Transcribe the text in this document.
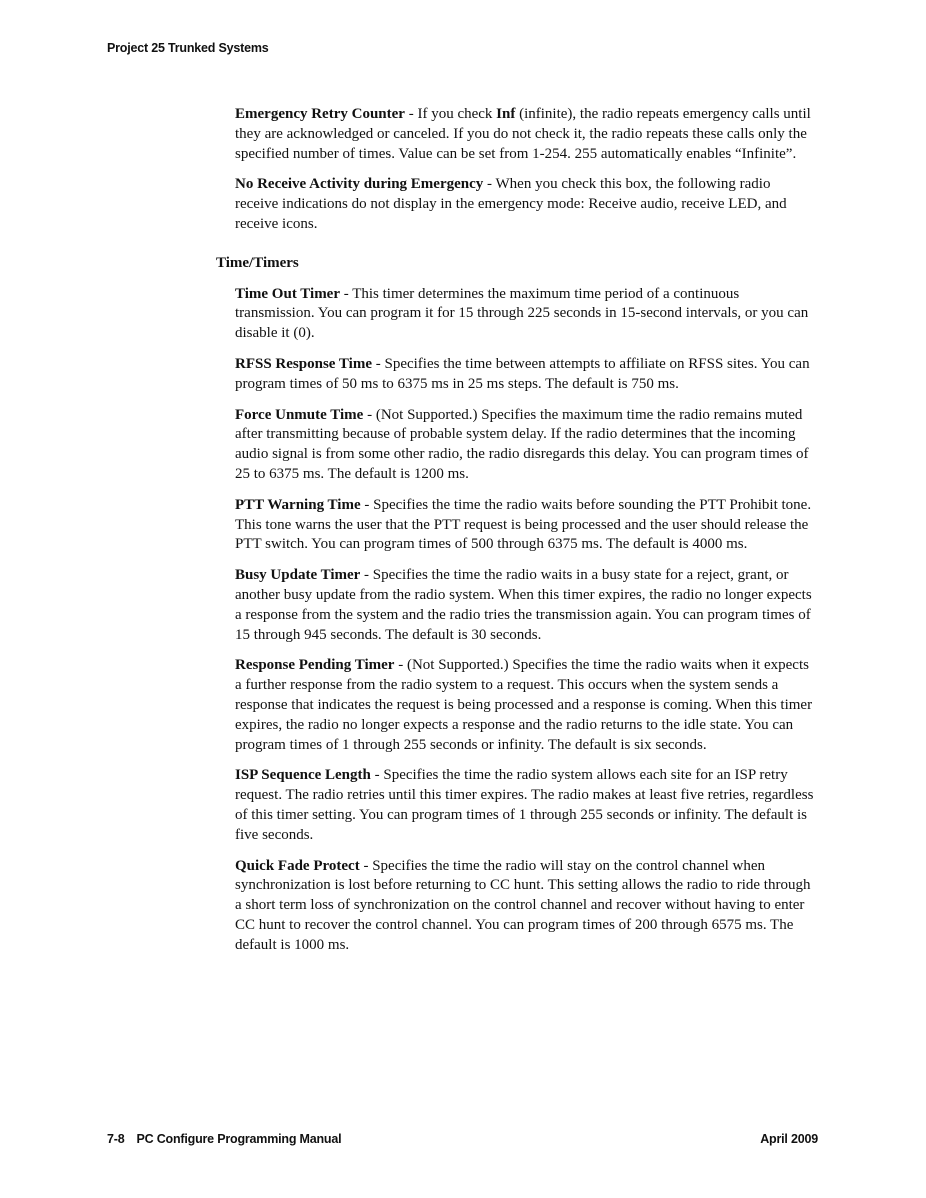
Project 25 Trunked Systems

Emergency Retry Counter - If you check Inf (infinite), the radio repeats emergency calls until they are acknowledged or canceled. If you do not check it, the radio repeats these calls only the specified number of times. Value can be set from 1-254. 255 automatically enables “Infinite”.

No Receive Activity during Emergency - When you check this box, the following radio receive indications do not display in the emergency mode: Receive audio, receive LED, and receive icons.

Time/Timers

Time Out Timer - This timer determines the maximum time period of a continuous transmission. You can program it for 15 through 225 seconds in 15-second intervals, or you can disable it (0).

RFSS Response Time - Specifies the time between attempts to affiliate on RFSS sites. You can program times of 50 ms to 6375 ms in 25 ms steps. The default is 750 ms.

Force Unmute Time - (Not Supported.) Specifies the maximum time the radio remains muted after transmitting because of probable system delay. If the radio determines that the incoming audio signal is from some other radio, the radio disregards this delay. You can program times of 25 to 6375 ms. The default is 1200 ms.

PTT Warning Time - Specifies the time the radio waits before sounding the PTT Prohibit tone. This tone warns the user that the PTT request is being processed and the user should release the PTT switch. You can program times of 500 through 6375 ms. The default is 4000 ms.

Busy Update Timer - Specifies the time the radio waits in a busy state for a reject, grant, or another busy update from the radio system. When this timer expires, the radio no longer expects a response from the system and the radio tries the transmission again. You can program times of 15 through 945 seconds. The default is 30 seconds.

Response Pending Timer - (Not Supported.) Specifies the time the radio waits when it expects a further response from the radio system to a request. This occurs when the system sends a response that indicates the request is being processed and a response is coming. When this timer expires, the radio no longer expects a response and the radio returns to the idle state. You can program times of 1 through 255 seconds or infinity. The default is six seconds.

ISP Sequence Length - Specifies the time the radio system allows each site for an ISP retry request. The radio retries until this timer expires. The radio makes at least five retries, regardless of this timer setting. You can program times of 1 through 255 seconds or infinity. The default is five seconds.

Quick Fade Protect - Specifies the time the radio will stay on the control channel when synchronization is lost before returning to CC hunt. This setting allows the radio to ride through a short term loss of synchronization on the control channel and recover without having to enter CC hunt to recover the control channel. You can program times of 200 through 6575 ms. The default is 1000 ms.

7-8 PC Configure Programming Manual	April 2009
